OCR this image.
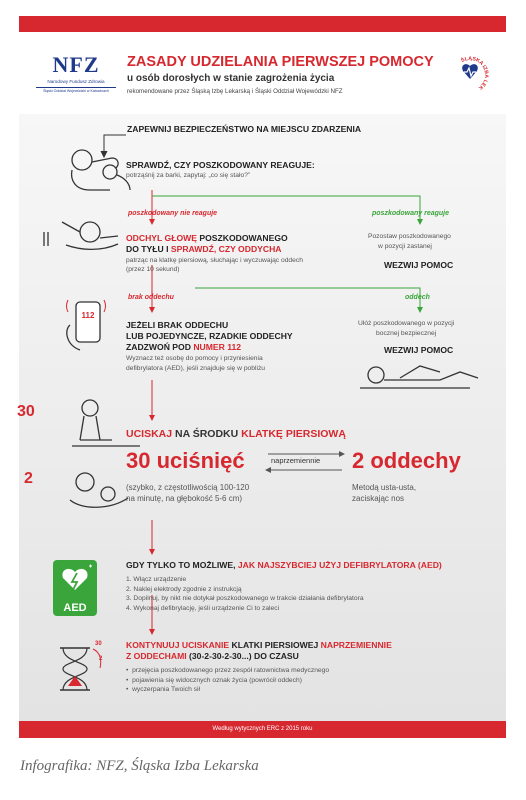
NFZ
Narodowy Fundusz Zdrowia
Śląski Oddział Wojewódzki w Katowicach
ZASADY UDZIELANIA PIERWSZEJ POMOCY
u osób dorosłych w stanie zagrożenia życia
rekomendowane przez Śląską Izbę Lekarską i Śląski Oddział Wojewódzki NFZ
ŚLĄSKA IZBA LEKARSKA
Według wytycznych ERC z 2015 roku
112
AED
30
2
ZAPEWNIJ BEZPIECZEŃSTWO NA MIEJSCU ZDARZENIA
SPRAWDŹ, CZY POSZKODOWANY REAGUJE:
potrząśnij za barki, zapytaj: „co się stało?”
poszkodowany nie reaguje	poszkodowany reaguje
ODCHYL GŁOWĘ POSZKODOWANEGO
DO TYŁU I SPRAWDŹ, CZY ODDYCHA
patrząc na klatkę piersiową, słuchając i wyczuwając oddech
(przez 10 sekund)
Pozostaw poszkodowanego
w pozycji zastanej
WEZWIJ POMOC
brak oddechu	oddech
JEŻELI BRAK ODDECHU
LUB POJEDYNCZE, RZADKIE ODDECHY
ZADZWOŃ POD NUMER 112
Wyznacz też osobę do pomocy i przyniesienia
defibrylatora (AED), jeśli znajduje się w pobliżu
Ułóż poszkodowanego w pozycji
bocznej bezpiecznej
WEZWIJ POMOC
30
2
UCISKAJ NA ŚRODKU KLATKĘ PIERSIOWĄ
30 uciśnięć	naprzemiennie 2 oddechy
(szybko, z częstotliwością 100-120
na minutę, na głębokość 5-6 cm)
Metodą usta-usta,
zaciskając nos
GDY TYLKO TO MOŻLIWE, JAK NAJSZYBCIEJ UŻYJ DEFIBRYLATORA (AED)
1. Włącz urządzenie
2. Naklej elektrody zgodnie z instrukcją
3. Dopilnuj, by nikt nie dotykał poszkodowanego w trakcie działania defibrylatora
4. Wykonaj defibrylację, jeśli urządzenie Ci to zaleci
KONTYNUUJ UCISKANIE KLATKI PIERSIOWEJ NAPRZEMIENNIE
Z ODDECHAMI (30-2-30-2-30...) DO CZASU
•  przejęcia poszkodowanego przez zespół ratownictwa medycznego
•  pojawienia się widocznych oznak życia (powrócił oddech)
•  wyczerpania Twoich sił
Infografika: NFZ, Śląska Izba Lekarska
